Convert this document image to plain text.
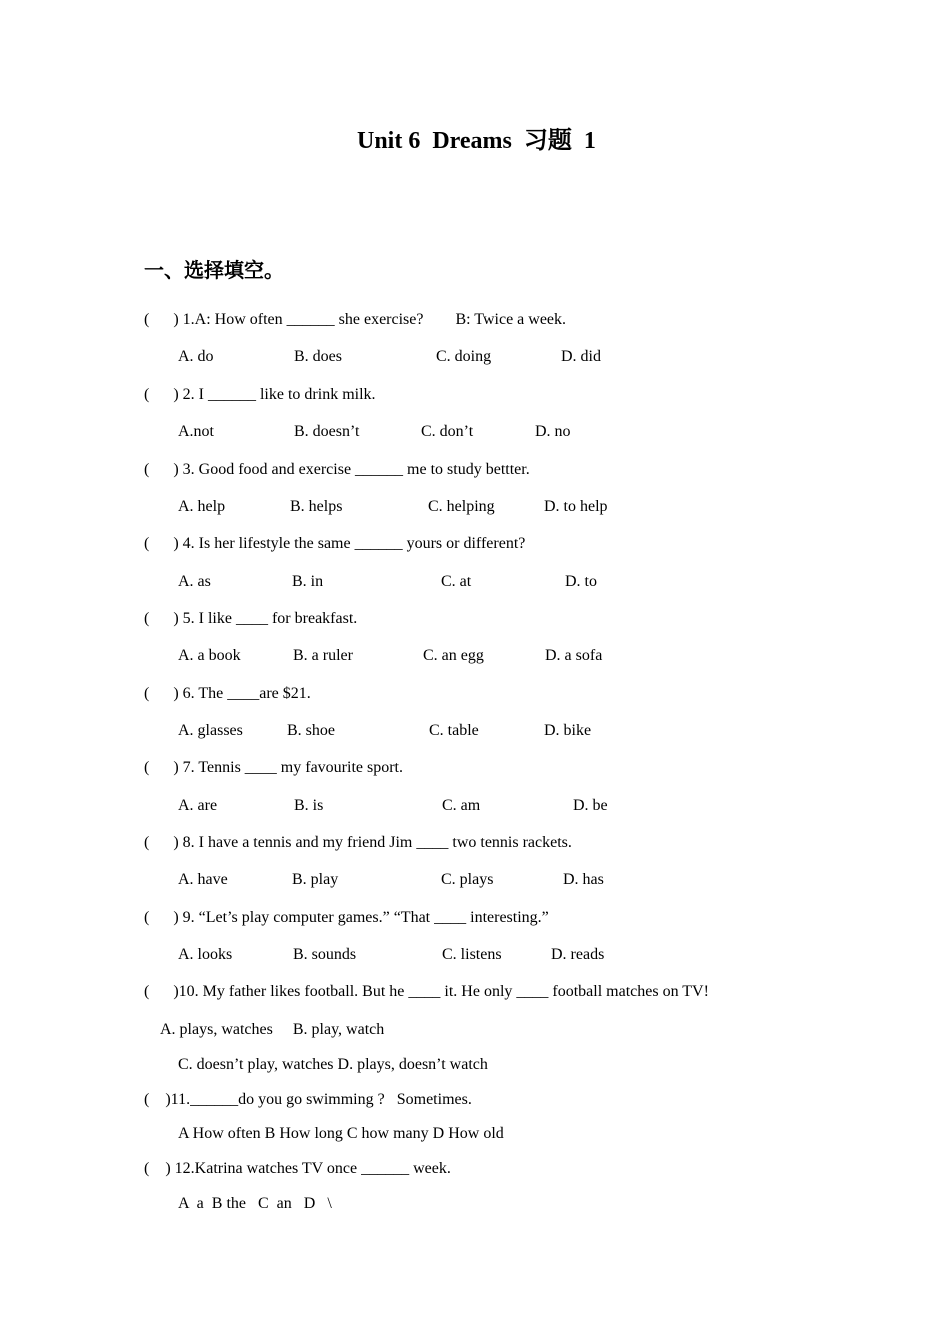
Unit 6  Dreams  习题  1
一、选择填空。
(      ) 1.A: How often ______ she exercise?        B: Twice a week.
A. do	B. does	C. doing	D. did
(      ) 2. I ______ like to drink milk.
A.not	B. doesn’t	C. don’t	D. no
(      ) 3. Good food and exercise ______ me to study bettter.
A. help	B. helps	C. helping	D. to help
(      ) 4. Is her lifestyle the same ______ yours or different?
A. as	B. in	C. at	D. to
(      ) 5. I like ____ for breakfast.
A. a book	B. a ruler	C. an egg	D. a sofa
(      ) 6. The ____are $21.
A. glasses	B. shoe	C. table	D. bike
(      ) 7. Tennis ____ my favourite sport.
A. are	B. is	C. am	D. be
(      ) 8. I have a tennis and my friend Jim ____ two tennis rackets.
A. have	B. play	C. plays	D. has
(      ) 9. “Let’s play computer games.” “That ____ interesting.”
A. looks	B. sounds	C. listens	D. reads
(      )10. My father likes football. But he ____ it. He only ____ football matches on TV!
A. plays, watches     B. play, watch
C. doesn’t play, watches D. plays, doesn’t watch
(    )11.______do you go swimming ?   Sometimes.
A How often B How long C how many D How old
(    ) 12.Katrina watches TV once ______ week.
A  a  B the   C  an   D   \
